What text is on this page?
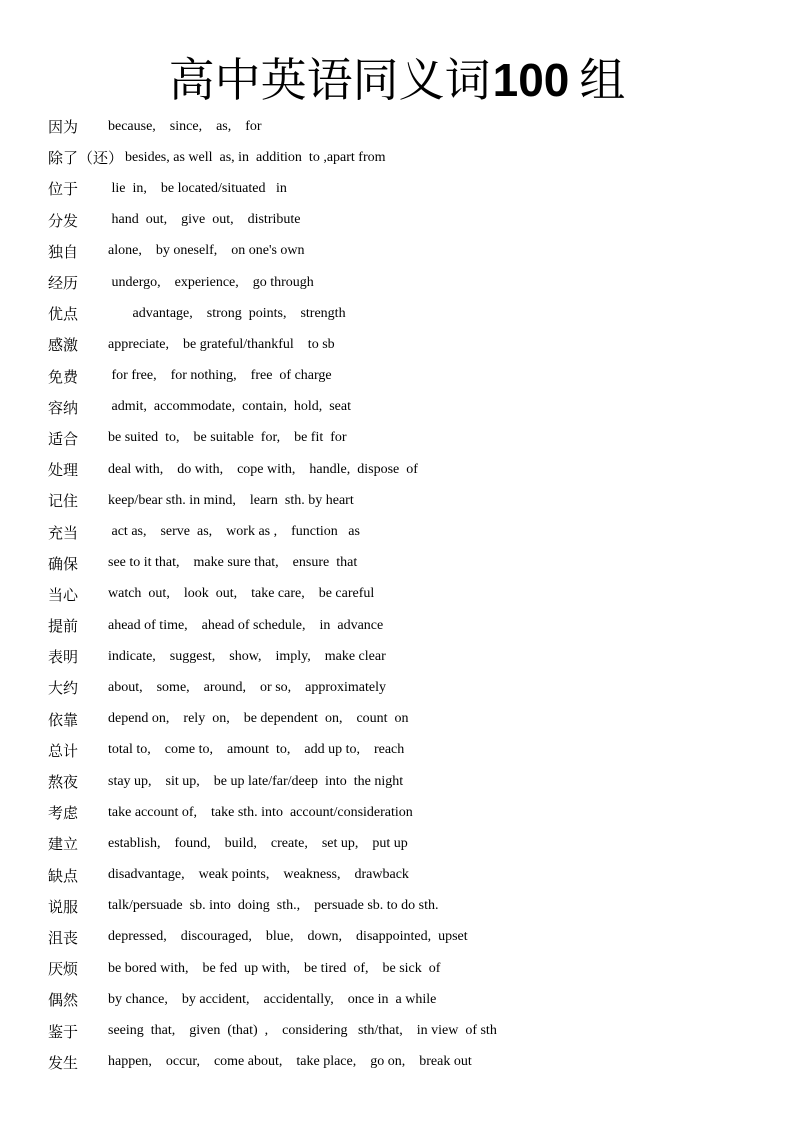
高中英语同义词100 组
因为	because,    since,    as,    for
除了（还） besides, as well  as, in  addition  to ,apart from
位于	lie  in,    be located/situated   in
分发	hand  out,    give  out,    distribute
独自	alone,    by oneself,    on one's own
经历	undergo,    experience,    go through
优点	advantage,    strong  points,    strength
感激	appreciate,    be grateful/thankful    to sb
免费	for free,    for nothing,    free  of charge
容纳	admit,  accommodate,  contain,  hold,  seat
适合	be suited  to,    be suitable  for,    be fit  for
处理	deal with,    do with,    cope with,    handle,  dispose  of
记住	keep/bear sth. in mind,    learn  sth. by heart
充当	act as,    serve  as,    work as ,    function   as
确保	see to it that,    make sure that,    ensure  that
当心	watch  out,    look  out,    take care,    be careful
提前	ahead of time,    ahead of schedule,    in  advance
表明	indicate,    suggest,    show,    imply,    make clear
大约	about,    some,    around,    or so,    approximately
依靠	depend on,    rely  on,    be dependent  on,    count  on
总计	total to,    come to,    amount  to,    add up to,    reach
熬夜	stay up,    sit up,    be up late/far/deep  into  the night
考虑	take account of,    take sth. into  account/consideration
建立	establish,    found,    build,    create,    set up,    put up
缺点	disadvantage,    weak points,    weakness,    drawback
说服	talk/persuade  sb. into  doing  sth.,    persuade sb. to do sth.
沮丧	depressed,    discouraged,    blue,    down,    disappointed,  upset
厌烦	be bored with,    be fed  up with,    be tired  of,    be sick  of
偶然	by chance,    by accident,    accidentally,    once in  a while
鉴于	seeing  that,    given  (that)  ,    considering   sth/that,    in view  of sth
发生	happen,    occur,    come about,    take place,    go on,    break out
